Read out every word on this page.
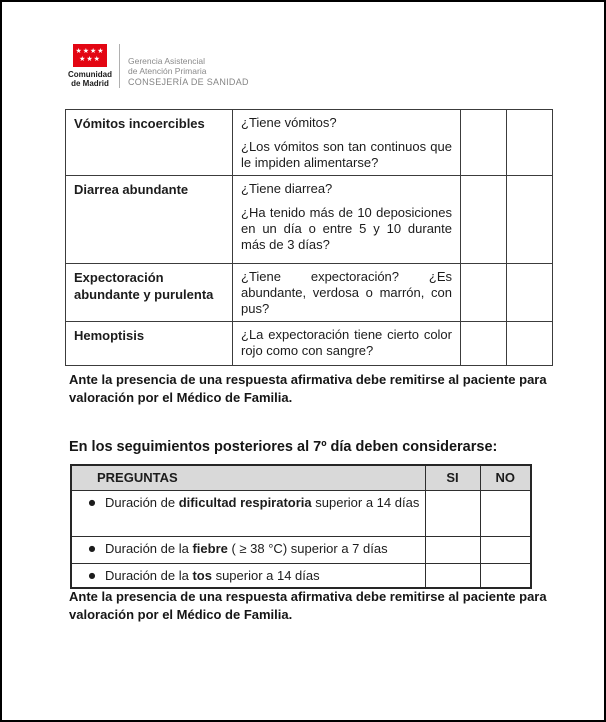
★★★★
★★★
Comunidad
de Madrid
Gerencia Asistencial
de Atención Primaria
CONSEJERÍA DE SANIDAD
Vómitos incoercibles	¿Tiene vómitos?

¿Los vómitos son tan continuos que le impiden alimentarse?		

Diarrea abundante	¿Tiene diarrea?

¿Ha tenido más de 10 deposiciones en un día o entre 5 y 10 durante más de 3 días?		

Expectoración abundante y purulenta	¿Tiene expectoración? ¿Es abundante, verdosa o marrón, con pus?		

Hemoptisis	¿La expectoración tiene cierto color rojo como con sangre?		

Ante la presencia de una respuesta afirmativa debe remitirse al paciente para valoración por el Médico de Familia.
En los seguimientos posteriores al 7º día deben considerarse:
PREGUNTAS	SI	NO

● Duración de dificultad respiratoria superior a 14 días		

● Duración de la fiebre ( ≥ 38 °C) superior a 7 días		

● Duración de la tos superior a 14 días		

Ante la presencia de una respuesta afirmativa debe remitirse al paciente para valoración por el Médico de Familia.
